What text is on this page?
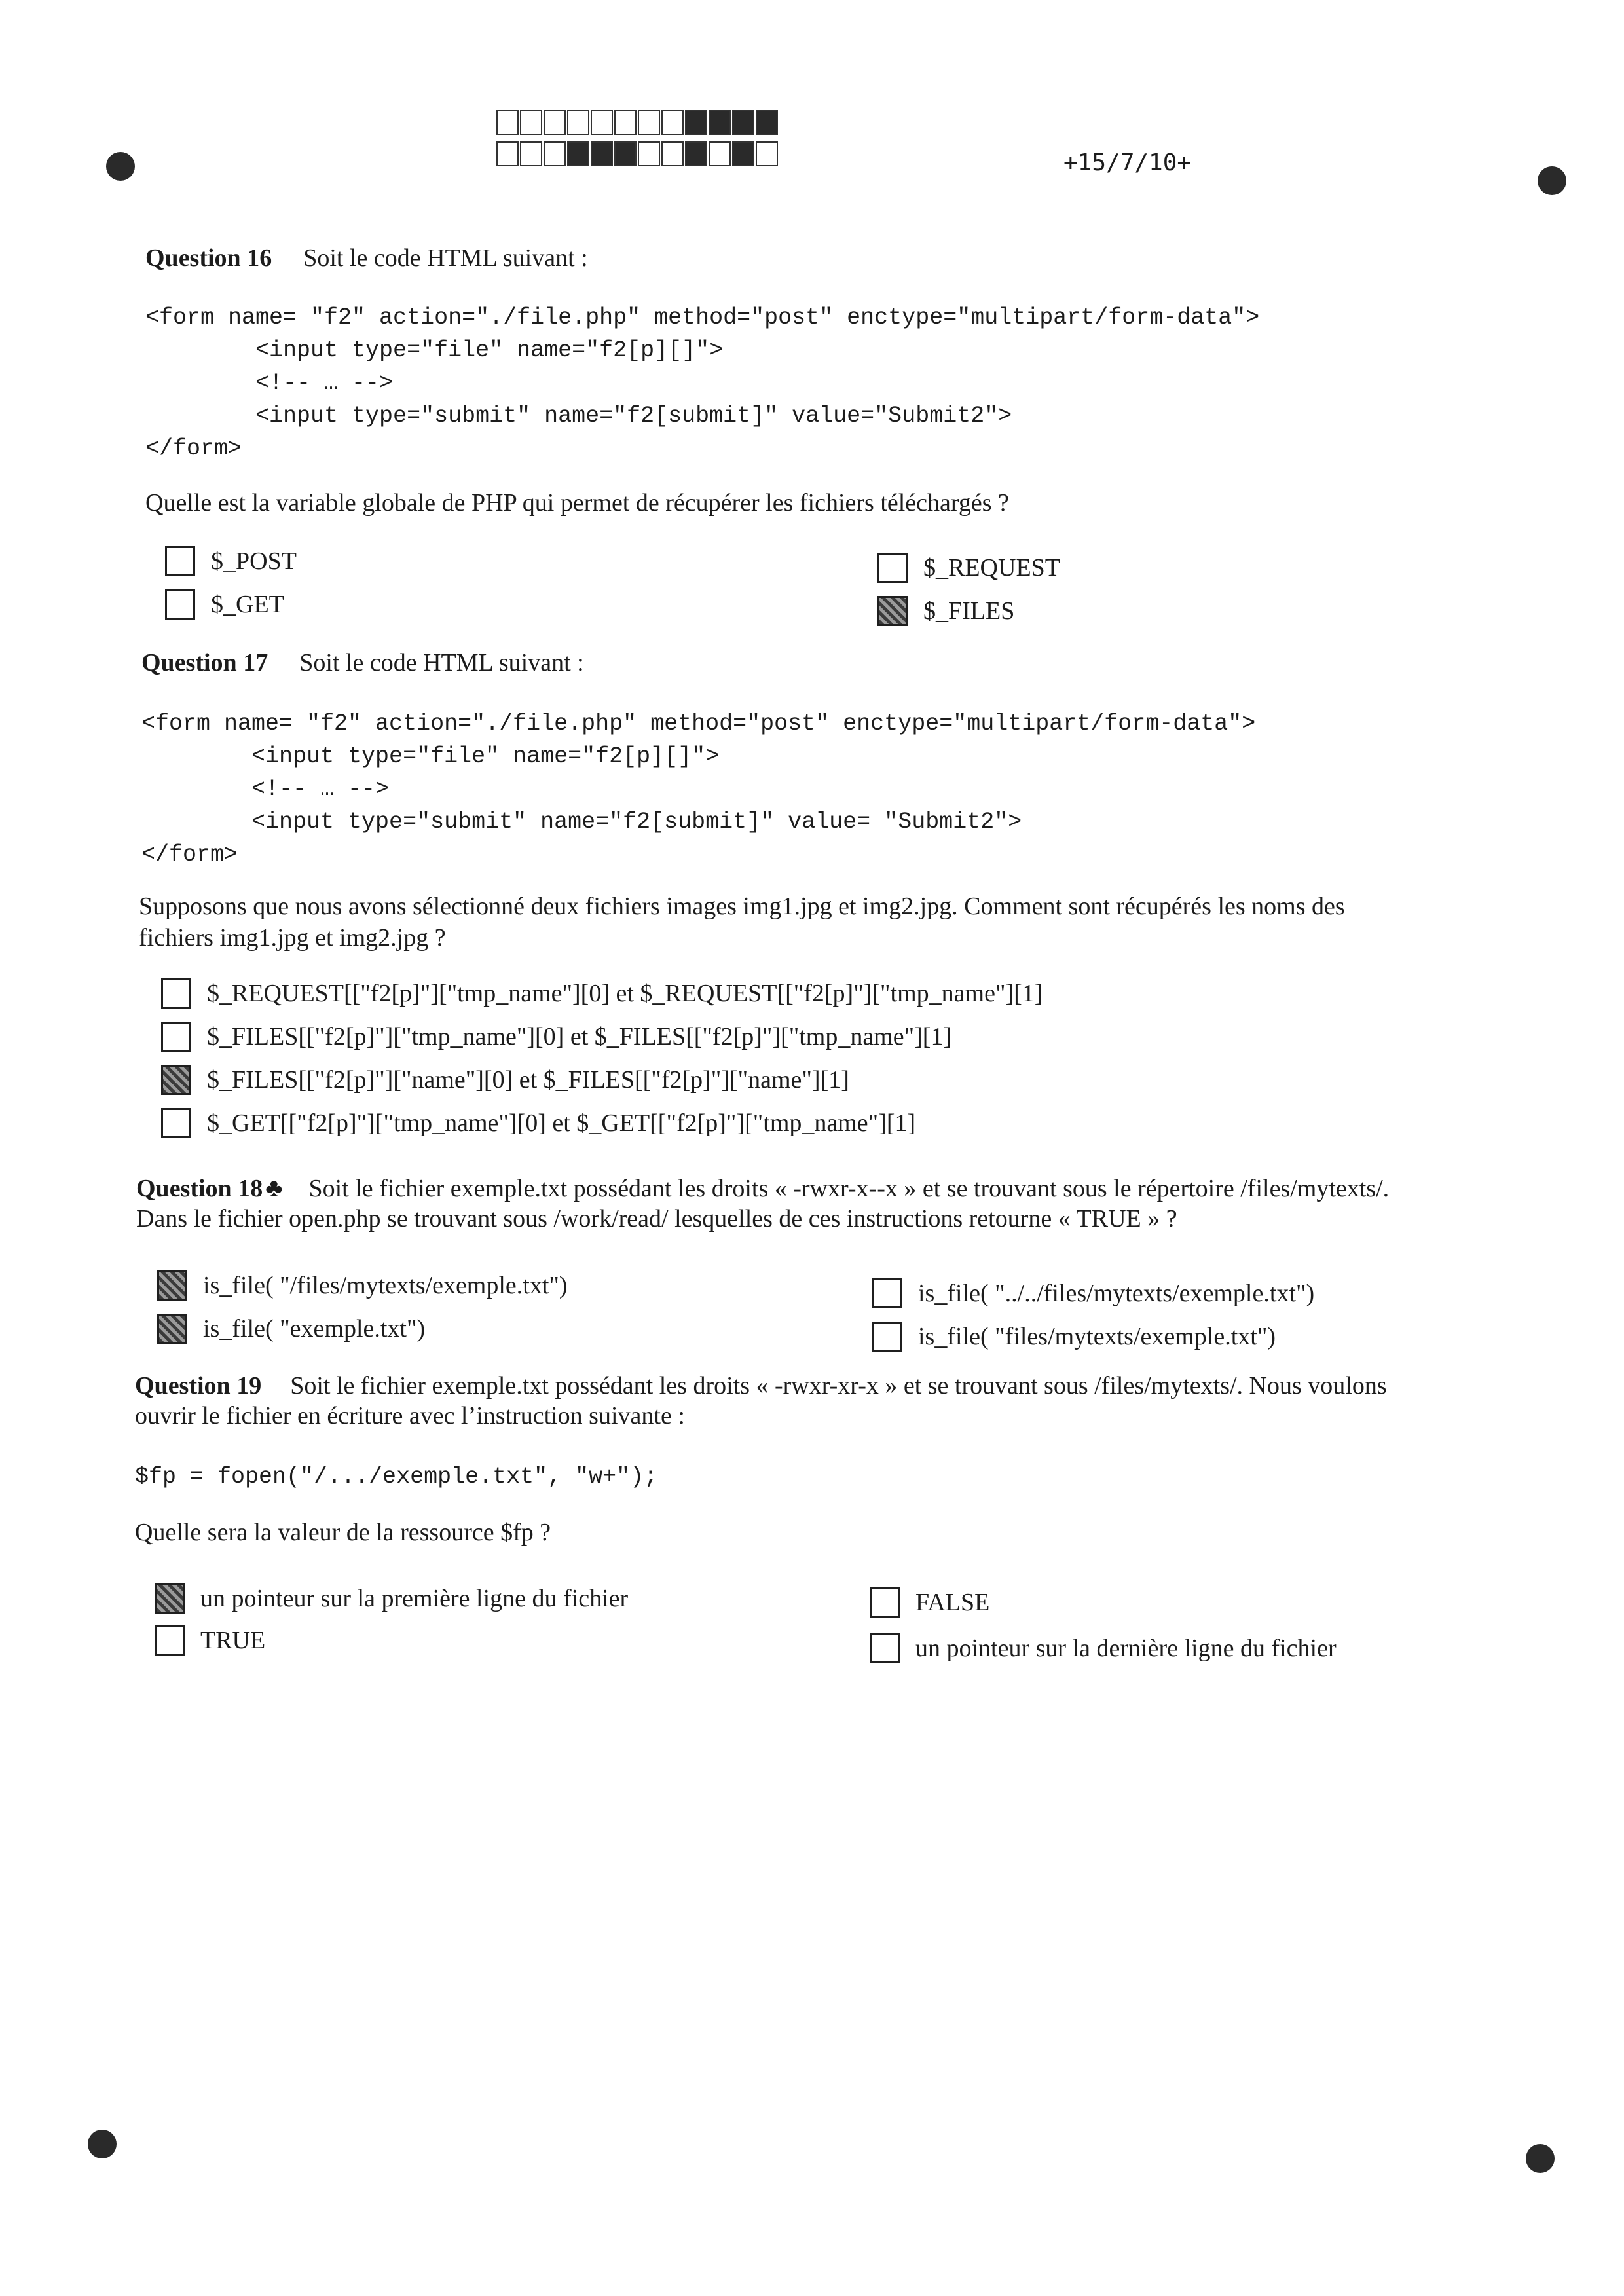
+15/7/10+
Question 16 Soit le code HTML suivant :
<form name= "f2" action="./file.php" method="post" enctype="multipart/form-data">
<input type="file" name="f2[p][]">
<!-- … -->
<input type="submit" name="f2[submit]" value="Submit2">
</form>
Quelle est la variable globale de PHP qui permet de récupérer les fichiers téléchargés ?
$_POST
$_GET
$_REQUEST
$_FILES
Question 17 Soit le code HTML suivant :
<form name= "f2" action="./file.php" method="post" enctype="multipart/form-data">
<input type="file" name="f2[p][]">
<!-- … -->
<input type="submit" name="f2[submit]" value= "Submit2">
</form>
Supposons que nous avons sélectionné deux fichiers images img1.jpg et img2.jpg. Comment sont récupérés les noms des
fichiers img1.jpg et img2.jpg ?
$_REQUEST[["f2[p]"]["tmp_name"][0] et $_REQUEST[["f2[p]"]["tmp_name"][1]
$_FILES[["f2[p]"]["tmp_name"][0] et $_FILES[["f2[p]"]["tmp_name"][1]
$_FILES[["f2[p]"]["name"][0] et $_FILES[["f2[p]"]["name"][1]
$_GET[["f2[p]"]["tmp_name"][0] et $_GET[["f2[p]"]["tmp_name"][1]
Question 18 ♣ Soit le fichier exemple.txt possédant les droits « -rwxr-x--x » et se trouvant sous le répertoire /files/mytexts/.
Dans le fichier open.php se trouvant sous /work/read/ lesquelles de ces instructions retourne « TRUE » ?
is_file( "/files/mytexts/exemple.txt")
is_file( "exemple.txt")
is_file( "../../files/mytexts/exemple.txt")
is_file( "files/mytexts/exemple.txt")
Question 19 Soit le fichier exemple.txt possédant les droits « -rwxr-xr-x » et se trouvant sous /files/mytexts/. Nous voulons
ouvrir le fichier en écriture avec l’instruction suivante :
$fp = fopen("/.../exemple.txt", "w+");
Quelle sera la valeur de la ressource $fp ?
un pointeur sur la première ligne du fichier
TRUE
FALSE
un pointeur sur la dernière ligne du fichier
